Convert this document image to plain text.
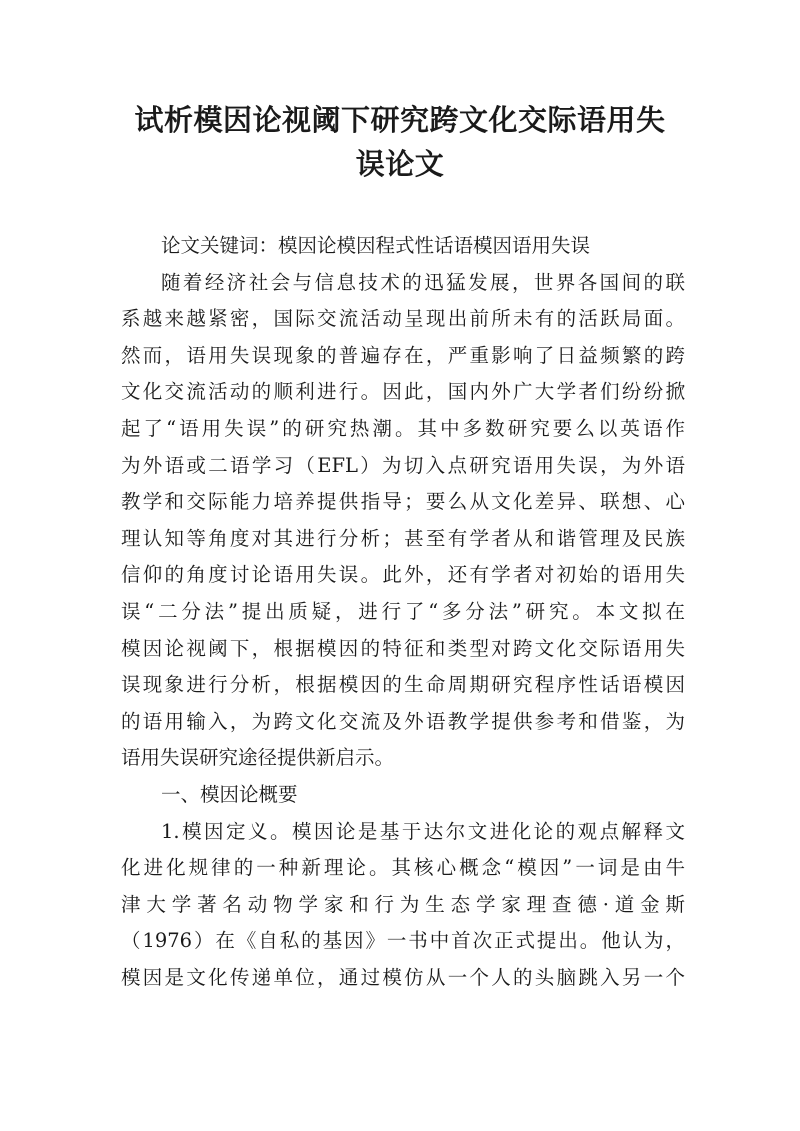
试析模因论视阈下研究跨文化交际语用失
误论文
论文关键词：模因论模因程式性话语模因语用失误
随着经济社会与信息技术的迅猛发展，世界各国间的联
系越来越紧密，国际交流活动呈现出前所未有的活跃局面。
然而，语用失误现象的普遍存在，严重影响了日益频繁的跨
文化交流活动的顺利进行。因此，国内外广大学者们纷纷掀
起了“语用失误”的研究热潮。其中多数研究要么以英语作
为外语或二语学习（EFL）为切入点研究语用失误，为外语
教学和交际能力培养提供指导；要么从文化差异、联想、心
理认知等角度对其进行分析；甚至有学者从和谐管理及民族
信仰的角度讨论语用失误。此外，还有学者对初始的语用失
误“二分法”提出质疑，进行了“多分法”研究。本文拟在
模因论视阈下，根据模因的特征和类型对跨文化交际语用失
误现象进行分析，根据模因的生命周期研究程序性话语模因
的语用输入，为跨文化交流及外语教学提供参考和借鉴，为
语用失误研究途径提供新启示。
一、模因论概要
1.模因定义。模因论是基于达尔文进化论的观点解释文
化进化规律的一种新理论。其核心概念“模因”一词是由牛
津大学著名动物学家和行为生态学家理查德·道金斯
（1976）在《自私的基因》一书中首次正式提出。他认为，
模因是文化传递单位，通过模仿从一个人的头脑跳入另一个
